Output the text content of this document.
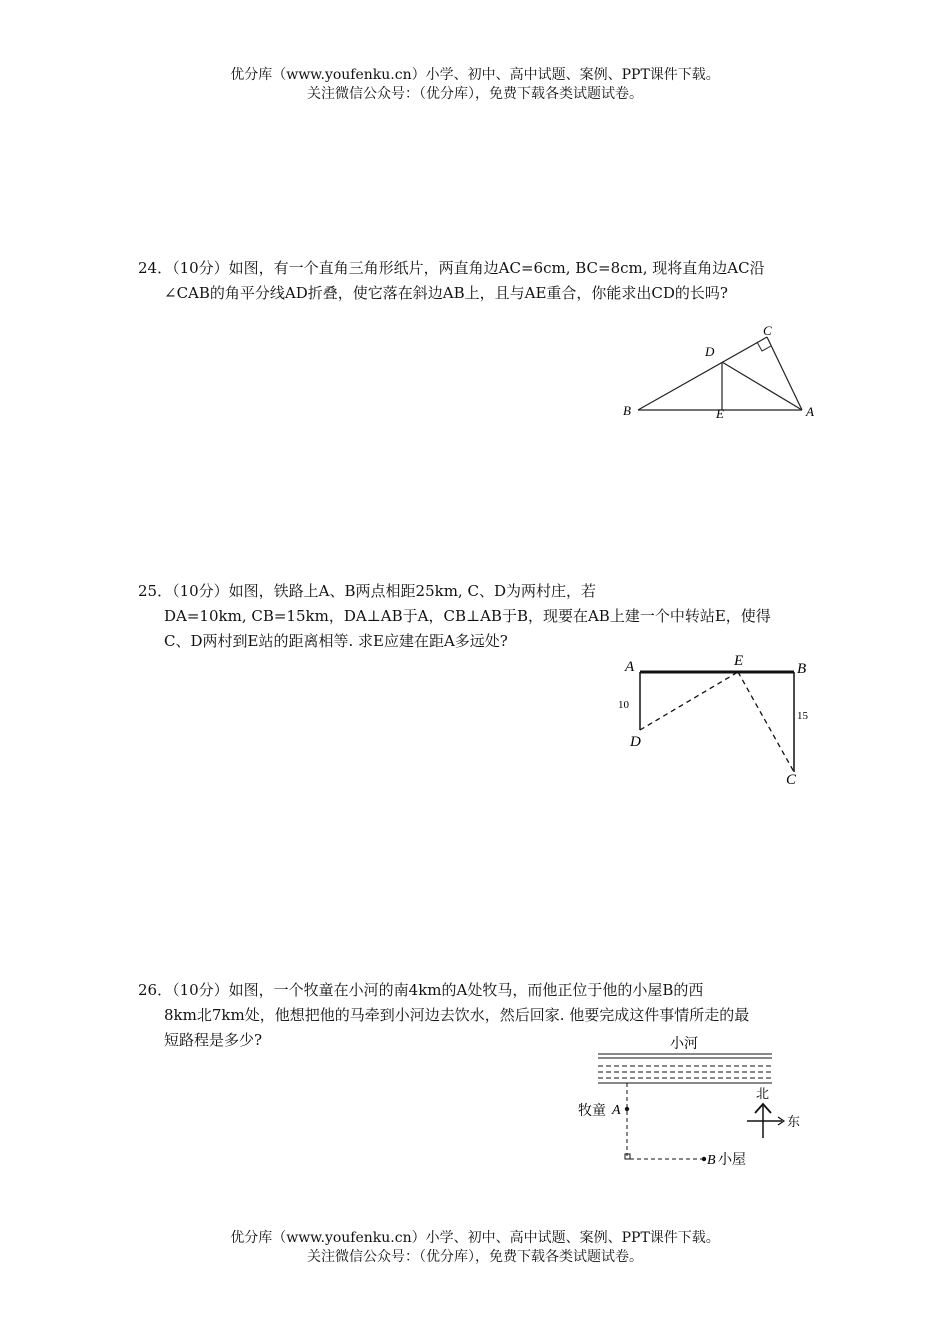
优分库（www.youfenku.cn）小学、初中、高中试题、案例、PPT课件下载。
关注微信公众号：（优分库），免费下载各类试题试卷。
24．（10分）如图，有一个直角三角形纸片，两直角边AC=6cm, BC=8cm, 现将直角边AC沿
∠CAB的角平分线AD折叠，使它落在斜边AB上，且与AE重合，你能求出CD的长吗?
C
D
B	E	A
25．（10分）如图，铁路上A、B两点相距25km, C、D为两村庄，若
DA=10km, CB=15km，DA⊥AB于A，CB⊥AB于B，现要在AB上建一个中转站E，使得
C、D两村到E站的距离相等. 求E应建在距A多远处?
A	E	B
D
C
10
15
26．（10分）如图，一个牧童在小河的南4km的A处牧马，而他正位于他的小屋B的西
8km北7km处，他想把他的马牵到小河边去饮水，然后回家. 他要完成这件事情所走的最
短路程是多少?	小河
牧童 A
B 小屋
北
东
优分库（www.youfenku.cn）小学、初中、高中试题、案例、PPT课件下载。
关注微信公众号：（优分库），免费下载各类试题试卷。
